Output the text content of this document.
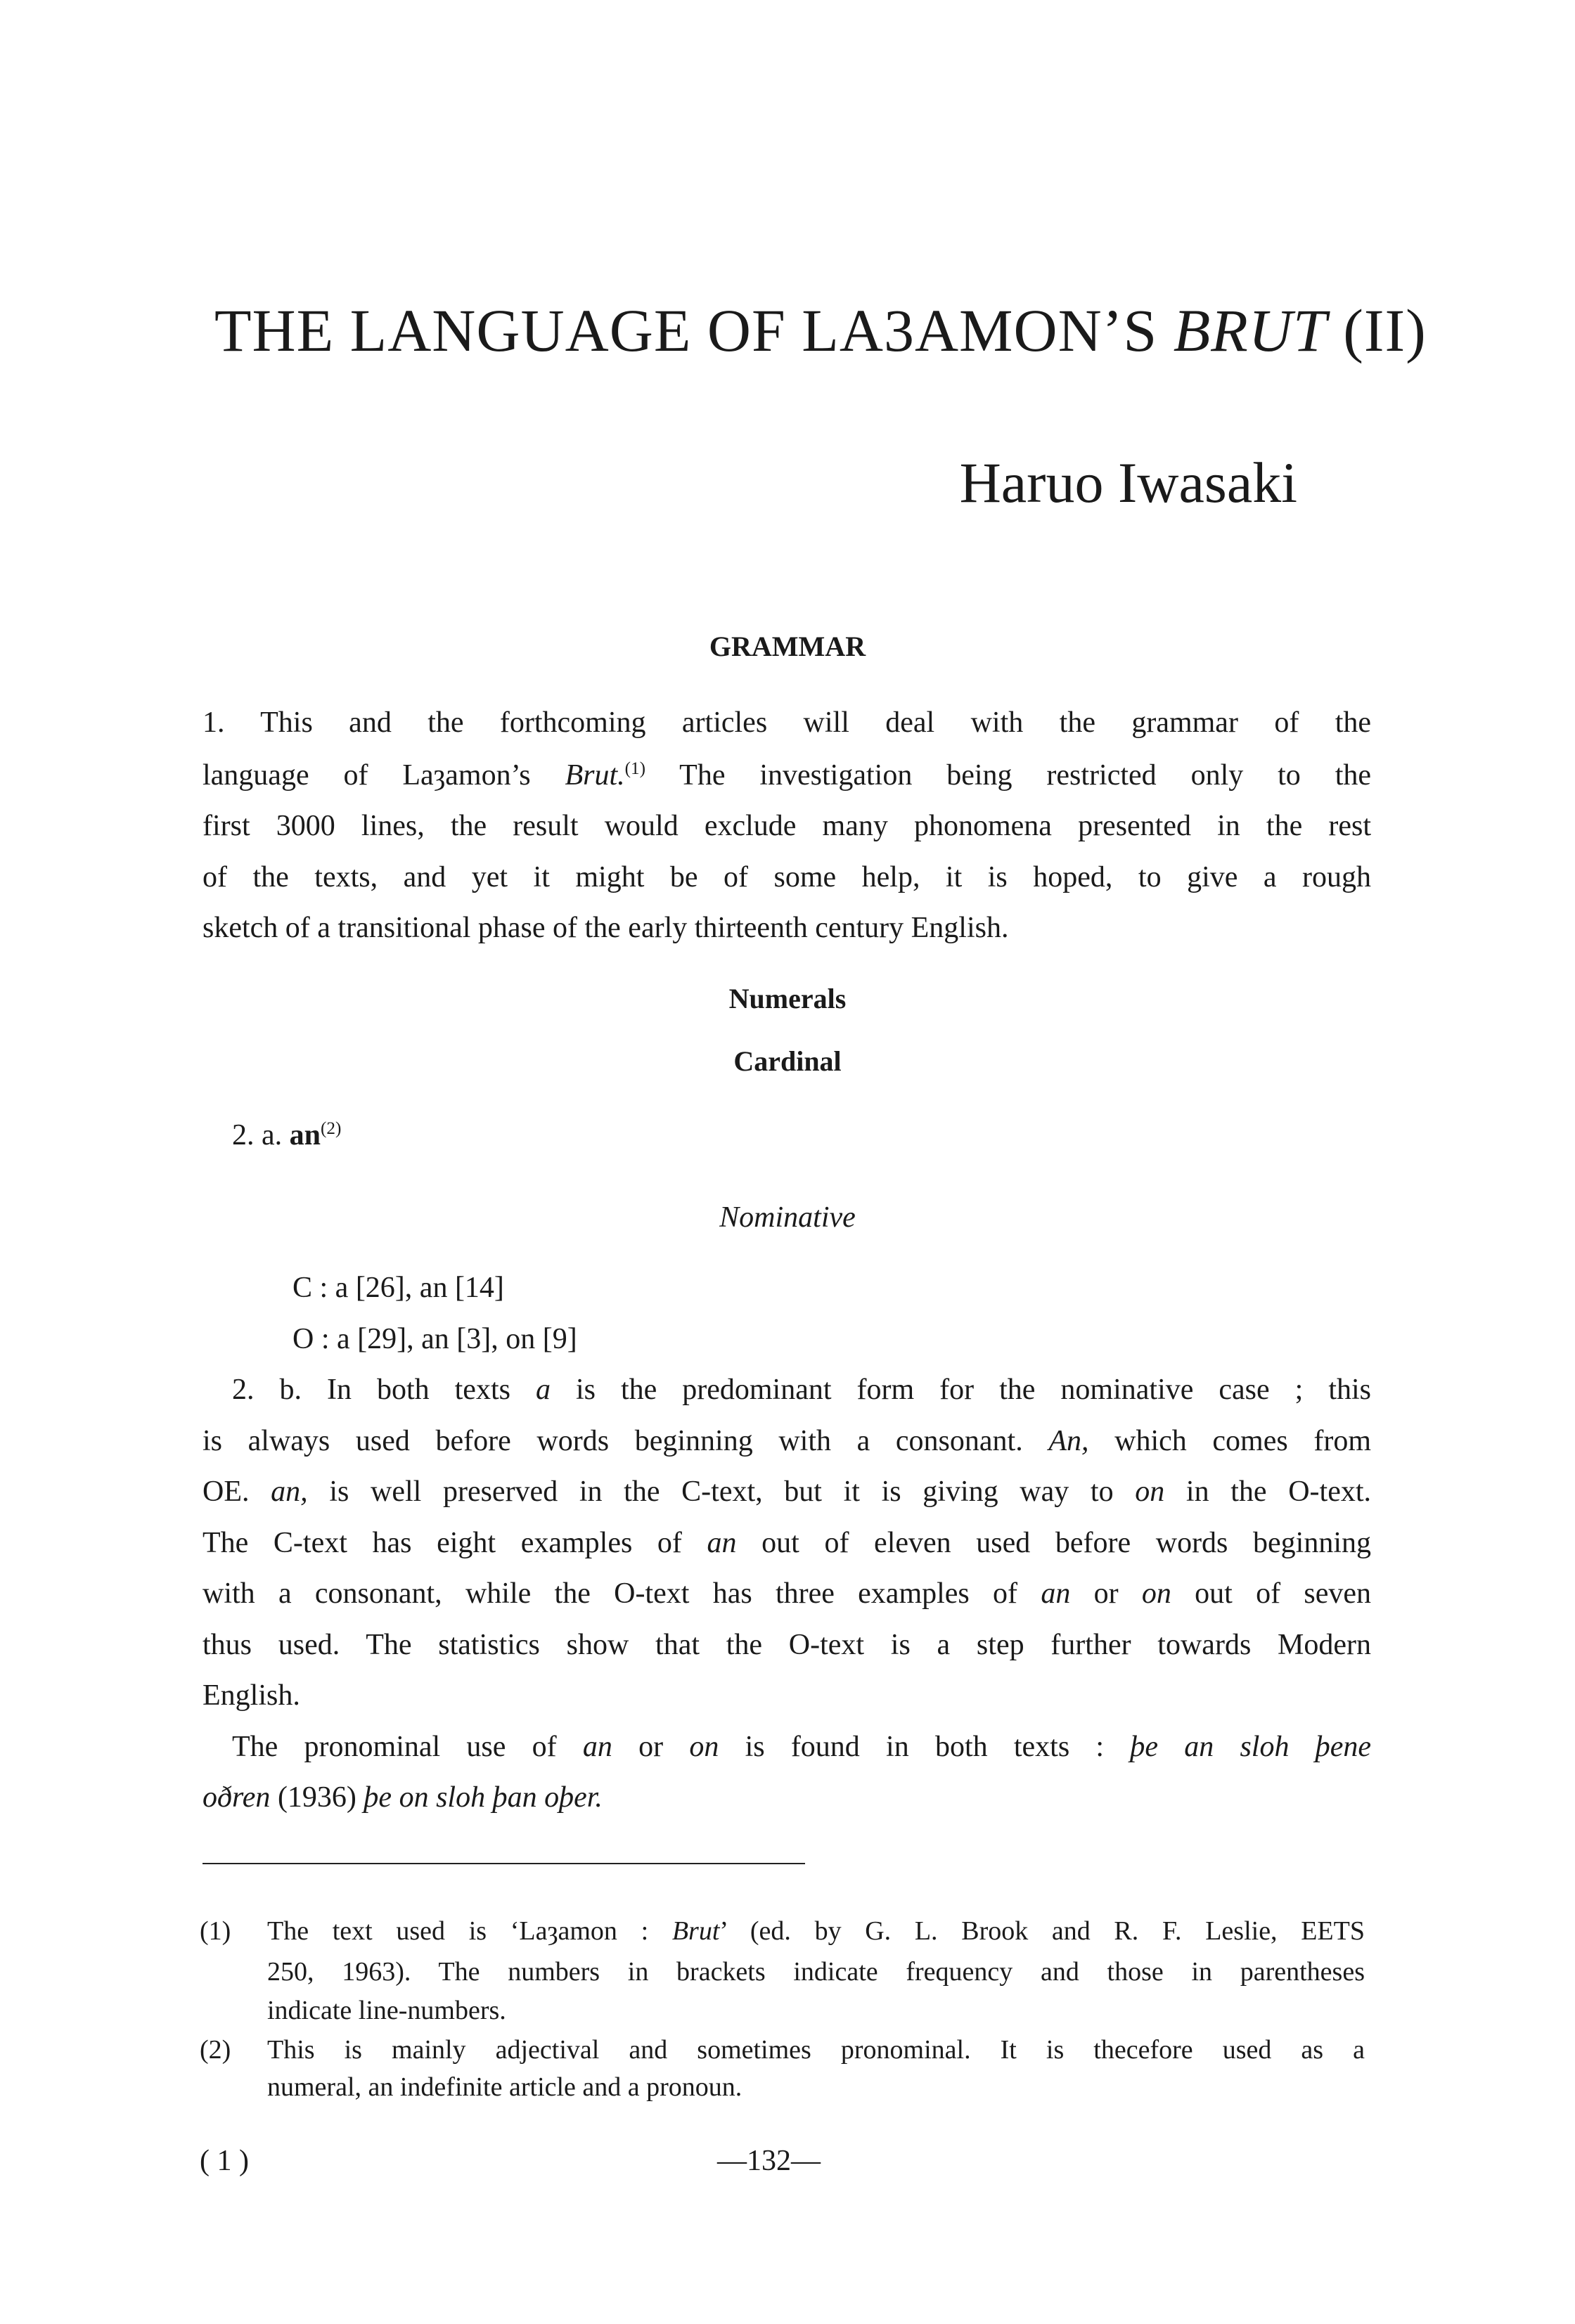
THE LANGUAGE OF LA3AMON’S BRUT (II)
Haruo Iwasaki
GRAMMAR
1. This and the forthcoming articles will deal with the grammar of the
language of Laȝamon’s Brut.$^{(1)}$ The investigation being restricted only to the
first 3000 lines, the result would exclude many phonomena presented in the rest
of the texts, and yet it might be of some help, it is hoped, to give a rough
sketch of a transitional phase of the early thirteenth century English.
Numerals
Cardinal
2. a. $an^{(2)}$
Nominative
C : a [26], an [14]
O : a [29], an [3], on [9]
2. b. In both texts a is the predominant form for the nominative case ; this
is always used before words beginning with a consonant. An, which comes from
OE. an, is well preserved in the C-text, but it is giving way to on in the O-text.
The C-text has eight examples of an out of eleven used before words beginning
with a consonant, while the O-text has three examples of an or on out of seven
thus used. The statistics show that the O-text is a step further towards Modern
English.
The pronominal use of an or on is found in both texts : þe an sloh þene
oðren (1936) þe on sloh þan oþer.
(1) The text used is ‘Laȝamon : Brut’ (ed. by G. L. Brook and R. F. Leslie, EETS
250, 1963). The numbers in brackets indicate frequency and those in parentheses
indicate line-numbers.
(2) This is mainly adjectival and sometimes pronominal. It is thecefore used as a
numeral, an indefinite article and a pronoun.
( 1 )	—132—
